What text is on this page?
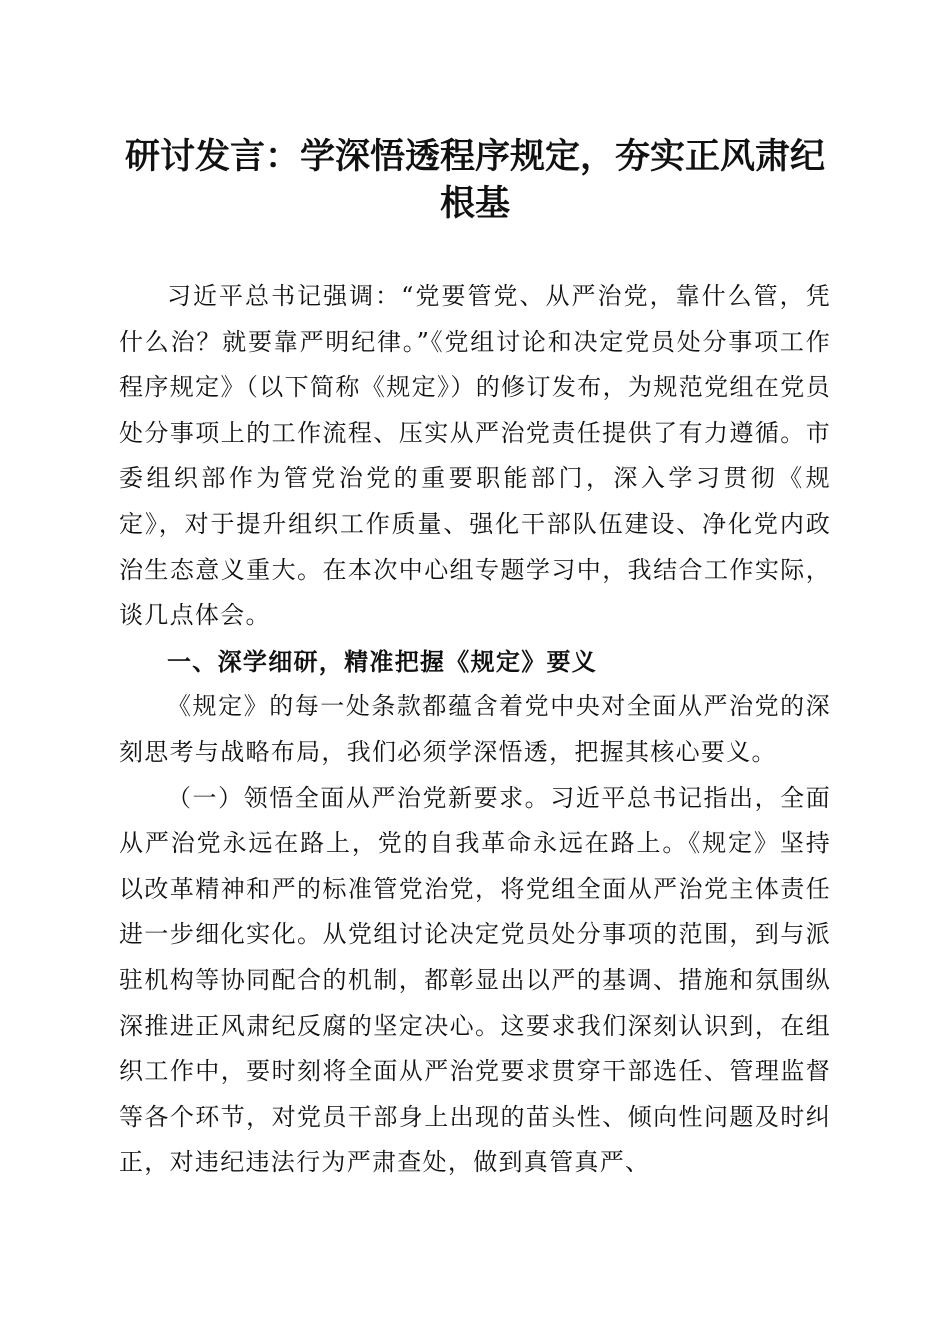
研讨发言：学深悟透程序规定，夯实正风肃纪
根基

习近平总书记强调：“党要管党、从严治党，靠什么管，凭什么治？就要靠严明纪律。”《党组讨论和决定党员处分事项工作程序规定》（以下简称《规定》）的修订发布，为规范党组在党员处分事项上的工作流程、压实从严治党责任提供了有力遵循。市委组织部作为管党治党的重要职能部门，深入学习贯彻《规定》，对于提升组织工作质量、强化干部队伍建设、净化党内政治生态意义重大。在本次中心组专题学习中，我结合工作实际，谈几点体会。

一、深学细研，精准把握《规定》要义

《规定》的每一处条款都蕴含着党中央对全面从严治党的深刻思考与战略布局，我们必须学深悟透，把握其核心要义。

（一）领悟全面从严治党新要求。习近平总书记指出，全面从严治党永远在路上，党的自我革命永远在路上。《规定》坚持以改革精神和严的标准管党治党，将党组全面从严治党主体责任进一步细化实化。从党组讨论决定党员处分事项的范围，到与派驻机构等协同配合的机制，都彰显出以严的基调、措施和氛围纵深推进正风肃纪反腐的坚定决心。这要求我们深刻认识到，在组织工作中，要时刻将全面从严治党要求贯穿干部选任、管理监督等各个环节，对党员干部身上出现的苗头性、倾向性问题及时纠正，对违纪违法行为严肃查处，做到真管真严、
